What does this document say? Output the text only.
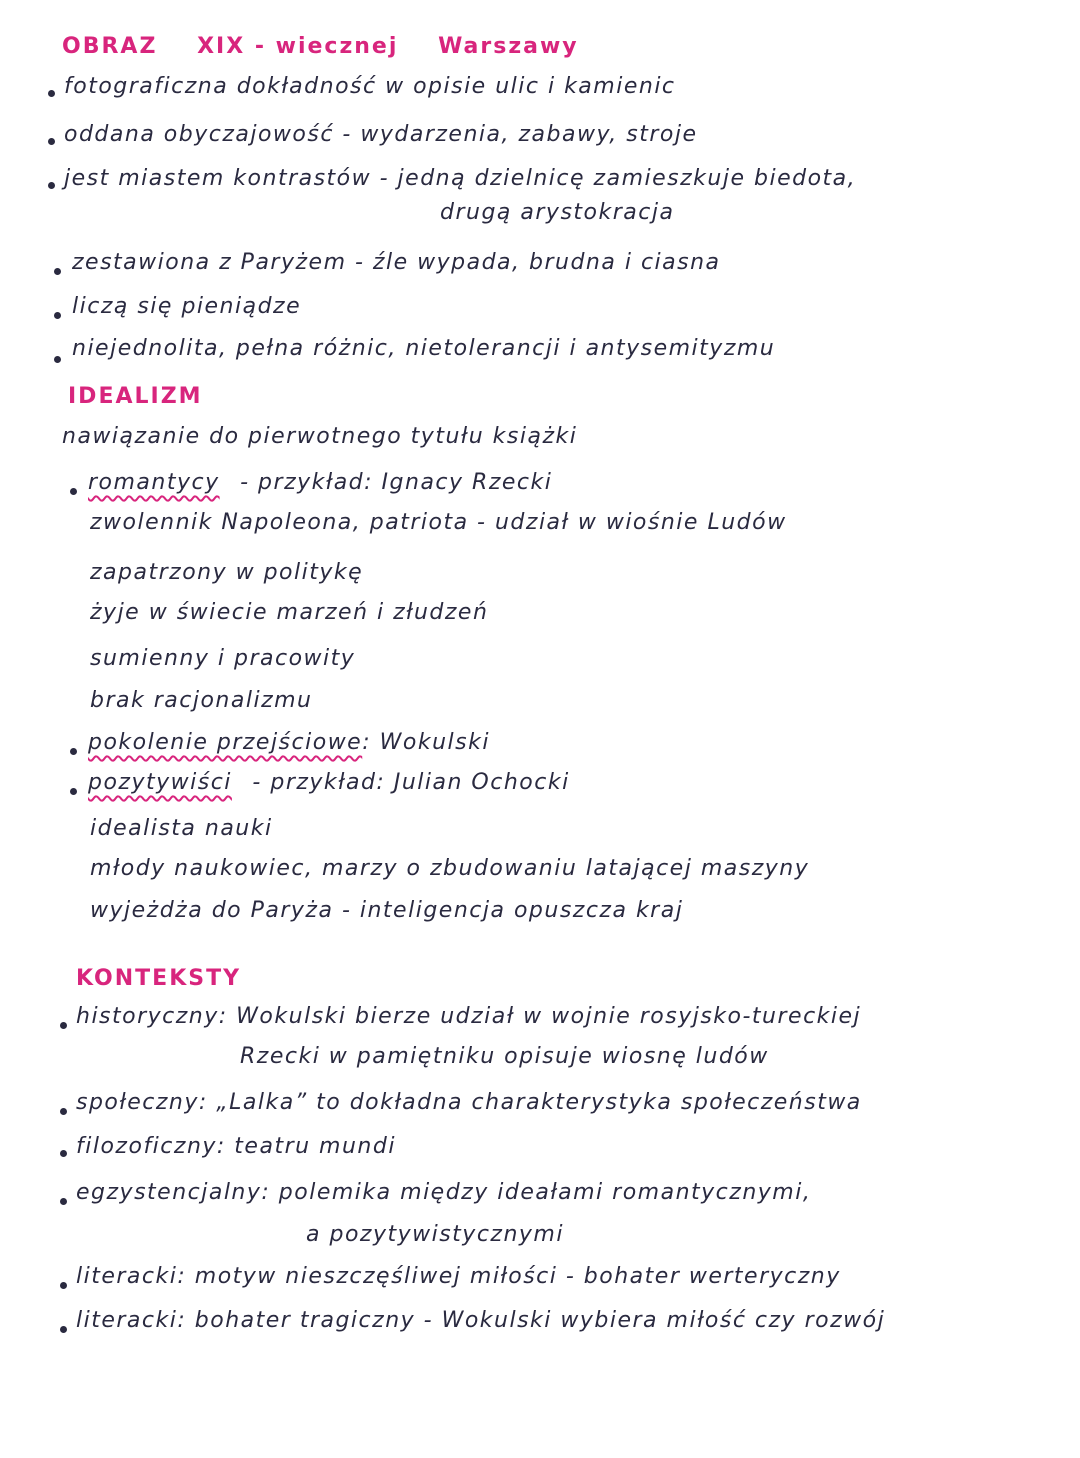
OBRAZ XIX - wiecznej Warszawy
fotograficzna dokładność w opisie ulic i kamienic
oddana obyczajowość - wydarzenia, zabawy, stroje
jest miastem kontrastów - jedną dzielnicę zamieszkuje biedota,
drugą arystokracja
zestawiona z Paryżem - źle wypada, brudna i ciasna
liczą się pieniądze
niejednolita, pełna różnic, nietolerancji i antysemityzmu
IDEALIZM
nawiązanie do pierwotnego tytułu książki
romantycy - przykład: Ignacy Rzecki
zwolennik Napoleona, patriota - udział w wiośnie Ludów
zapatrzony w politykę
żyje w świecie marzeń i złudzeń
sumienny i pracowity
brak racjonalizmu
pokolenie przejściowe: Wokulski
pozytywiści - przykład: Julian Ochocki
idealista nauki
młody naukowiec, marzy o zbudowaniu latającej maszyny
wyjeżdża do Paryża - inteligencja opuszcza kraj
KONTEKSTY
historyczny: Wokulski bierze udział w wojnie rosyjsko-tureckiej
Rzecki w pamiętniku opisuje wiosnę ludów
społeczny: „Lalka” to dokładna charakterystyka społeczeństwa
filozoficzny: teatru mundi
egzystencjalny: polemika między ideałami romantycznymi,
a pozytywistycznymi
literacki: motyw nieszczęśliwej miłości - bohater werteryczny
literacki: bohater tragiczny - Wokulski wybiera miłość czy rozwój
